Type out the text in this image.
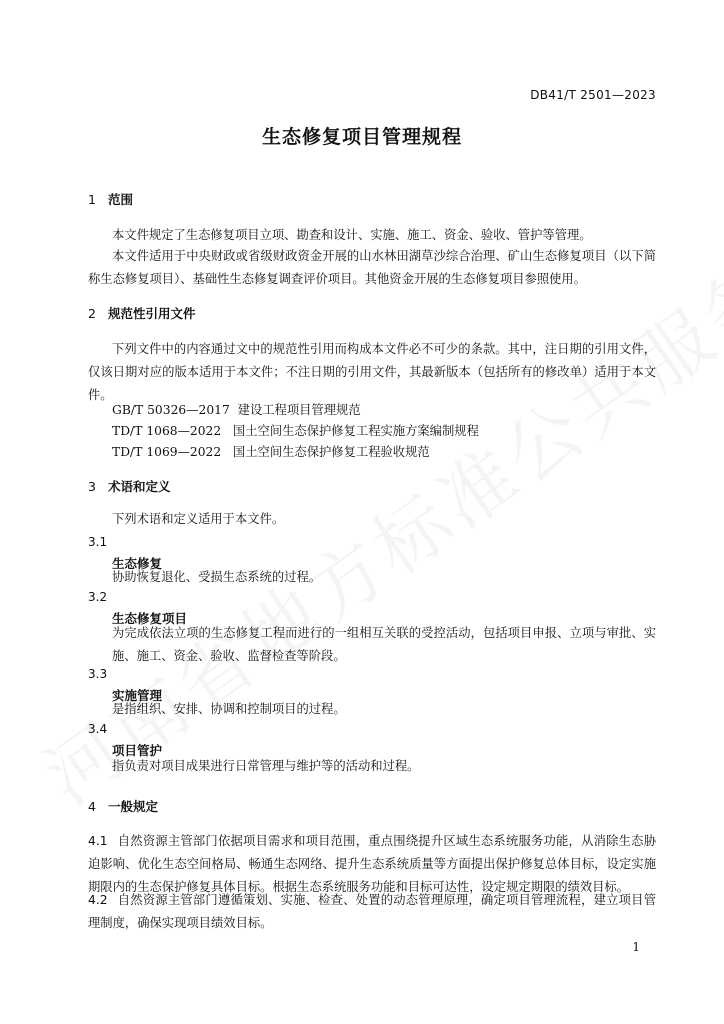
DB41/T 2501—2023
生态修复项目管理规程
1 范围
本文件规定了生态修复项目立项、勘查和设计、实施、施工、资金、验收、管护等管理。
本文件适用于中央财政或省级财政资金开展的山水林田湖草沙综合治理、矿山生态修复项目（以下简称生态修复项目）、基础性生态修复调查评价项目。其他资金开展的生态修复项目参照使用。
2 规范性引用文件
下列文件中的内容通过文中的规范性引用而构成本文件必不可少的条款。其中，注日期的引用文件，仅该日期对应的版本适用于本文件；不注日期的引用文件，其最新版本（包括所有的修改单）适用于本文件。
GB/T 50326—2017  建设工程项目管理规范
TD/T 1068—2022   国土空间生态保护修复工程实施方案编制规程
TD/T 1069—2022   国土空间生态保护修复工程验收规范
3 术语和定义
下列术语和定义适用于本文件。
3.1
生态修复
协助恢复退化、受损生态系统的过程。
3.2
生态修复项目
为完成依法立项的生态修复工程而进行的一组相互关联的受控活动，包括项目申报、立项与审批、实施、施工、资金、验收、监督检查等阶段。
3.3
实施管理
是指组织、安排、协调和控制项目的过程。
3.4
项目管护
指负责对项目成果进行日常管理与维护等的活动和过程。
4 一般规定
4.1 自然资源主管部门依据项目需求和项目范围，重点围绕提升区域生态系统服务功能，从消除生态胁迫影响、优化生态空间格局、畅通生态网络、提升生态系统质量等方面提出保护修复总体目标，设定实施期限内的生态保护修复具体目标。根据生态系统服务功能和目标可达性，设定规定期限的绩效目标。
4.2 自然资源主管部门遵循策划、实施、检查、处置的动态管理原理，确定项目管理流程，建立项目管理制度，确保实现项目绩效目标。
1
